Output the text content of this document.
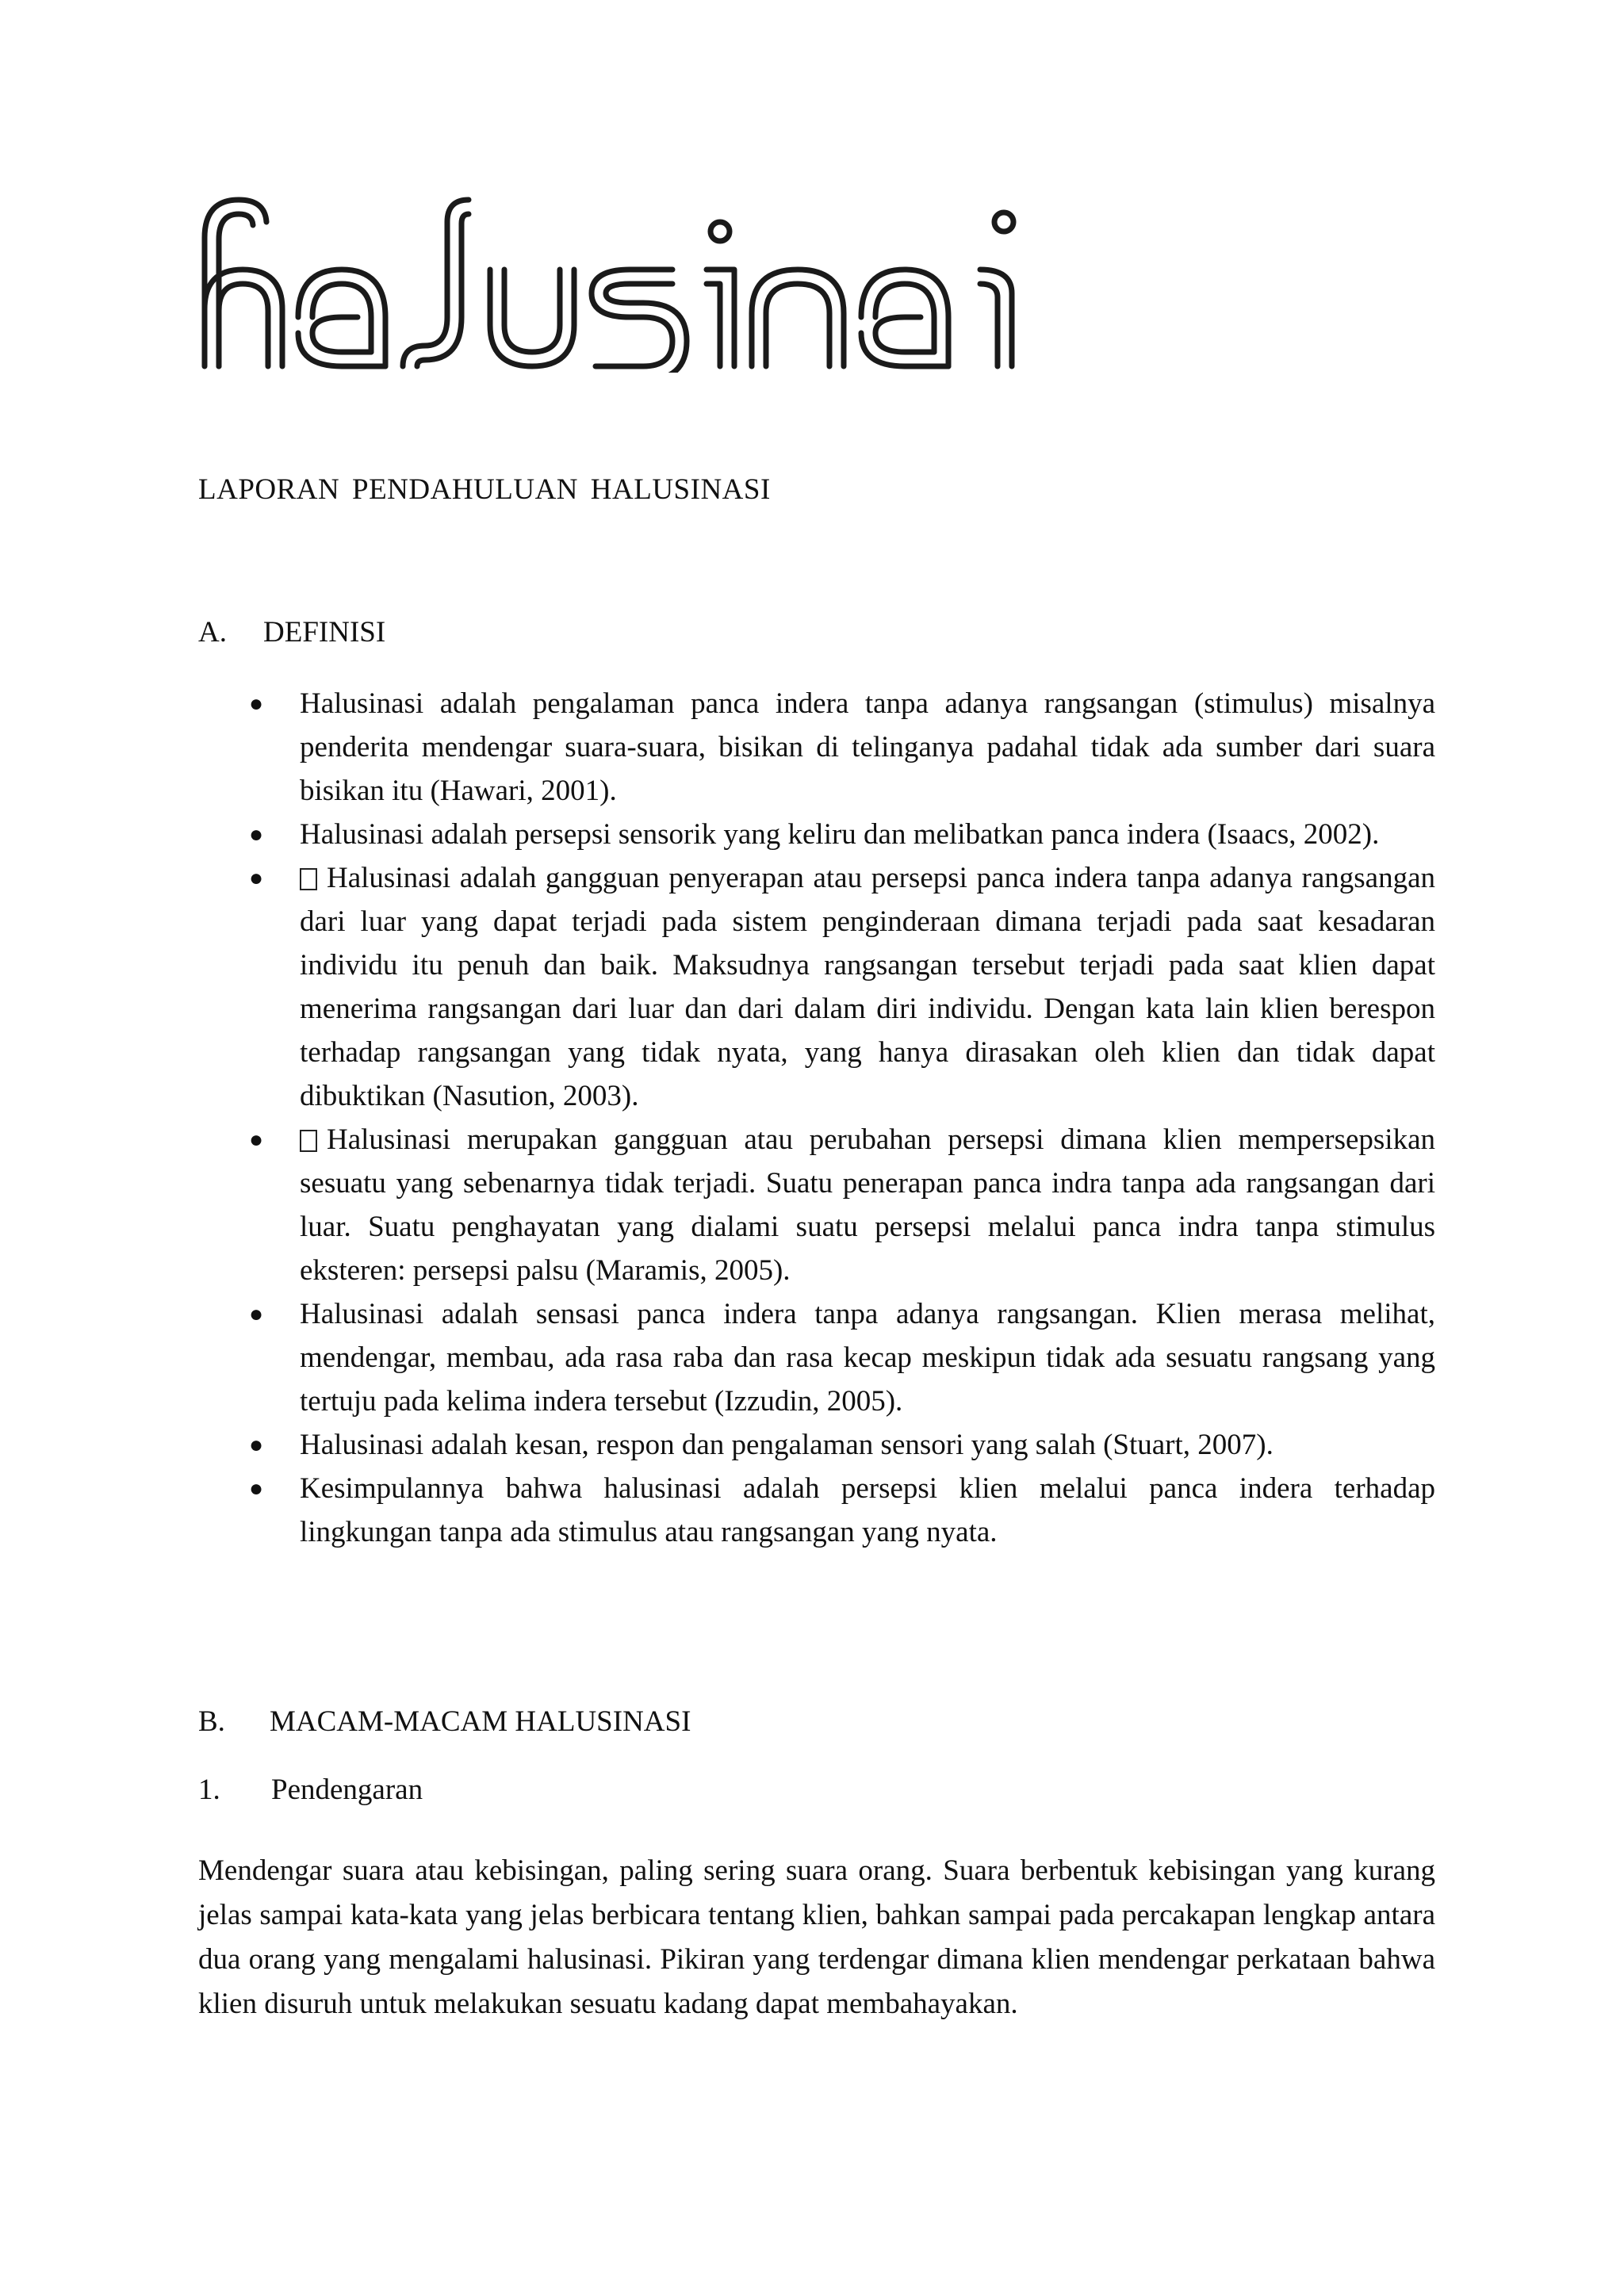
LAPORAN PENDAHULUAN HALUSINASI
A. DEFINISI
● Halusinasi adalah pengalaman panca indera tanpa adanya rangsangan (stimulus) misalnya penderita mendengar suara-suara, bisikan di telinganya padahal tidak ada sumber dari suara bisikan itu (Hawari, 2001).
● Halusinasi adalah persepsi sensorik yang keliru dan melibatkan panca indera (Isaacs, 2002).
● Halusinasi adalah gangguan penyerapan atau persepsi panca indera tanpa adanya rangsangan dari luar yang dapat terjadi pada sistem penginderaan dimana terjadi pada saat kesadaran individu itu penuh dan baik. Maksudnya rangsangan tersebut terjadi pada saat klien dapat menerima rangsangan dari luar dan dari dalam diri individu. Dengan kata lain klien berespon terhadap rangsangan yang tidak nyata, yang hanya dirasakan oleh klien dan tidak dapat dibuktikan (Nasution, 2003).
● Halusinasi merupakan gangguan atau perubahan persepsi dimana klien mempersepsikan sesuatu yang sebenarnya tidak terjadi. Suatu penerapan panca indra tanpa ada rangsangan dari luar. Suatu penghayatan yang dialami suatu persepsi melalui panca indra tanpa stimulus eksteren: persepsi palsu (Maramis, 2005).
● Halusinasi adalah sensasi panca indera tanpa adanya rangsangan. Klien merasa melihat, mendengar, membau, ada rasa raba dan rasa kecap meskipun tidak ada sesuatu rangsang yang tertuju pada kelima indera tersebut (Izzudin, 2005).
● Halusinasi adalah kesan, respon dan pengalaman sensori yang salah (Stuart, 2007).
● Kesimpulannya bahwa halusinasi adalah persepsi klien melalui panca indera terhadap lingkungan tanpa ada stimulus atau rangsangan yang nyata.
B. MACAM-MACAM HALUSINASI
1. Pendengaran

Mendengar suara atau kebisingan, paling sering suara orang. Suara berbentuk kebisingan yang kurang jelas sampai kata-kata yang jelas berbicara tentang klien, bahkan sampai pada percakapan lengkap antara dua orang yang mengalami halusinasi. Pikiran yang terdengar dimana klien mendengar perkataan bahwa klien disuruh untuk melakukan sesuatu kadang dapat membahayakan.
